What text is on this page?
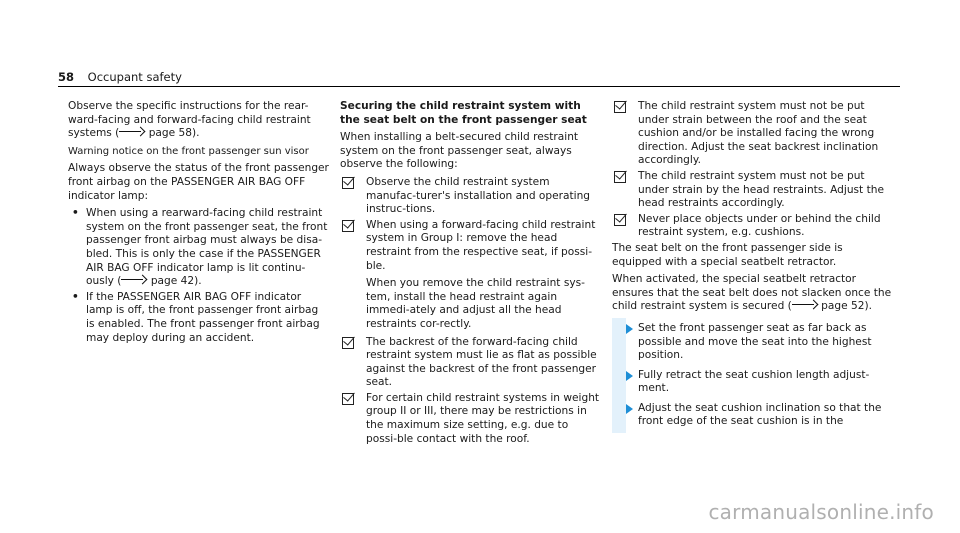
58 Occupant safety

Observe the specific instructions for the rear-ward-facing and forward-facing child restraint systems (	page 58).

Warning notice on the front passenger sun visor

Always observe the status of the front passenger front airbag on the PASSENGER AIR BAG OFF indicator lamp:

• When using a rearward-facing child restraint system on the front passenger seat, the front passenger front airbag must always be disa-bled. This is only the case if the PASSENGER AIR BAG OFF indicator lamp is lit continu-ously (	page 42).
• If the PASSENGER AIR BAG OFF indicator lamp is off, the front passenger front airbag is enabled. The front passenger front airbag may deploy during an accident.

Securing the child restraint system with the seat belt on the front passenger seat

When installing a belt-secured child restraint system on the front passenger seat, always observe the following:

Observe the child restraint system manufac-turer's installation and operating instruc-tions.
When using a forward-facing child restraint system in Group I: remove the head restraint from the respective seat, if possi-ble.

When you remove the child restraint sys-tem, install the head restraint again immedi-ately and adjust all the head restraints cor-rectly.

The backrest of the forward-facing child restraint system must lie as flat as possible against the backrest of the front passenger seat.
For certain child restraint systems in weight group II or III, there may be restrictions in the maximum size setting, e.g. due to possi-ble contact with the roof.
The child restraint system must not be put under strain between the roof and the seat cushion and/or be installed facing the wrong direction. Adjust the seat backrest inclination accordingly.
The child restraint system must not be put under strain by the head restraints. Adjust the head restraints accordingly.
Never place objects under or behind the child restraint system, e.g. cushions.

The seat belt on the front passenger side is equipped with a special seatbelt retractor.

When activated, the special seatbelt retractor ensures that the seat belt does not slacken once the child restraint system is secured (	page 52).

Set the front passenger seat as far back as possible and move the seat into the highest position.
Fully retract the seat cushion length adjust-ment.
Adjust the seat cushion inclination so that the front edge of the seat cushion is in the
carmanualsonline.info
